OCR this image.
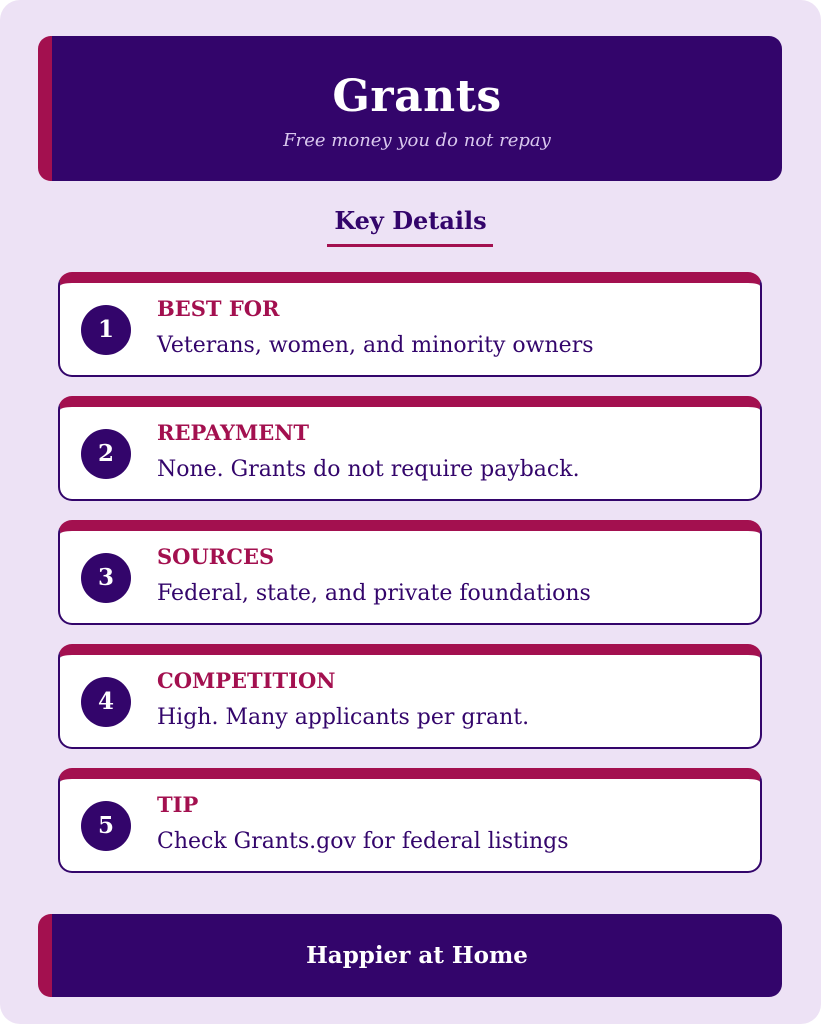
Grants
Free money you do not repay
Key Details
1
BEST FOR
Veterans, women, and minority owners
2
REPAYMENT
None. Grants do not require payback.
3
SOURCES
Federal, state, and private foundations
4
COMPETITION
High. Many applicants per grant.
5
TIP
Check Grants.gov for federal listings
Happier at Home
